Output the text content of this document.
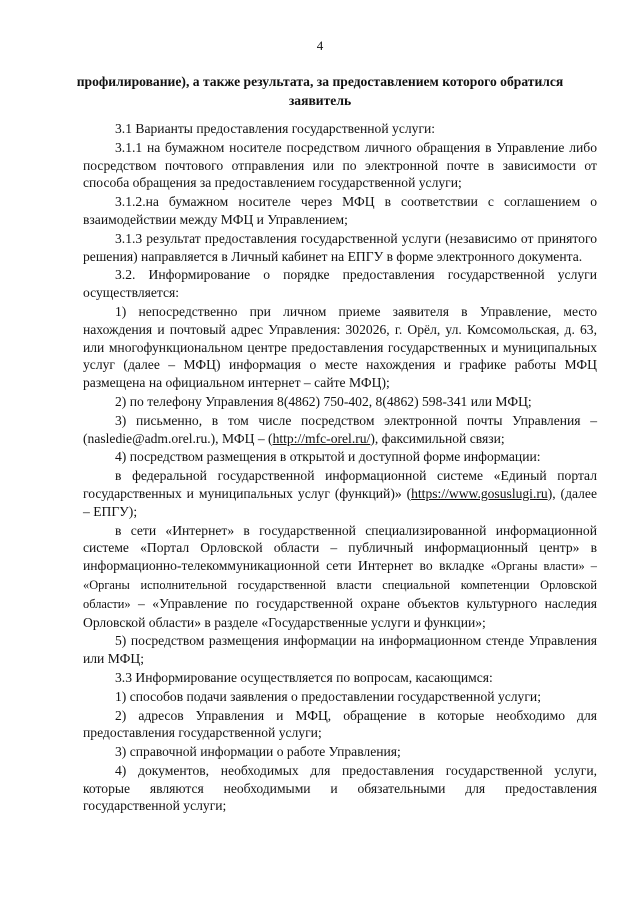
4
профилирование), а также результата, за предоставлением которого обратился заявитель

3.1 Варианты предоставления государственной услуги:

3.1.1 на бумажном носителе посредством личного обращения в Управление либо посредством почтового отправления или по электронной почте в зависимости от способа обращения за предоставлением государственной услуги;

3.1.2.на бумажном носителе через МФЦ в соответствии с соглашением о взаимодействии между МФЦ и Управлением;

3.1.3 результат предоставления государственной услуги (независимо от принятого решения) направляется в Личный кабинет на ЕПГУ в форме электронного документа.

3.2. Информирование о порядке предоставления государственной услуги осуществляется:

1) непосредственно при личном приеме заявителя в Управление, место нахождения и почтовый адрес Управления: 302026, г. Орёл, ул. Комсомольская, д. 63, или многофункциональном центре предоставления государственных и муниципальных услуг (далее – МФЦ) информация о месте нахождения и графике работы МФЦ размещена на официальном интернет – сайте МФЦ);

2) по телефону Управления 8(4862) 750-402, 8(4862) 598-341 или МФЦ;

3) письменно, в том числе посредством электронной почты Управления – (nasledie@adm.orel.ru.), МФЦ – (http://mfc-orel.ru/), факсимильной связи;

4) посредством размещения в открытой и доступной форме информации:

в федеральной государственной информационной системе «Единый портал государственных и муниципальных услуг (функций)» (https://www.gosuslugi.ru), (далее – ЕПГУ);

в сети «Интернет» в государственной специализированной информационной системе «Портал Орловской области – публичный информационный центр» в информационно-телекоммуникационной сети Интернет во вкладке «Органы власти» – «Органы исполнительной государственной власти специальной компетенции Орловской области» – «Управление по государственной охране объектов культурного наследия Орловской области» в разделе «Государственные услуги и функции»;

5) посредством размещения информации на информационном стенде Управления или МФЦ;

3.3 Информирование осуществляется по вопросам, касающимся:

1) способов подачи заявления о предоставлении государственной услуги;

2) адресов Управления и МФЦ, обращение в которые необходимо для предоставления государственной услуги;

3) справочной информации о работе Управления;

4) документов, необходимых для предоставления государственной услуги, которые являются необходимыми и обязательными для предоставления государственной услуги;
